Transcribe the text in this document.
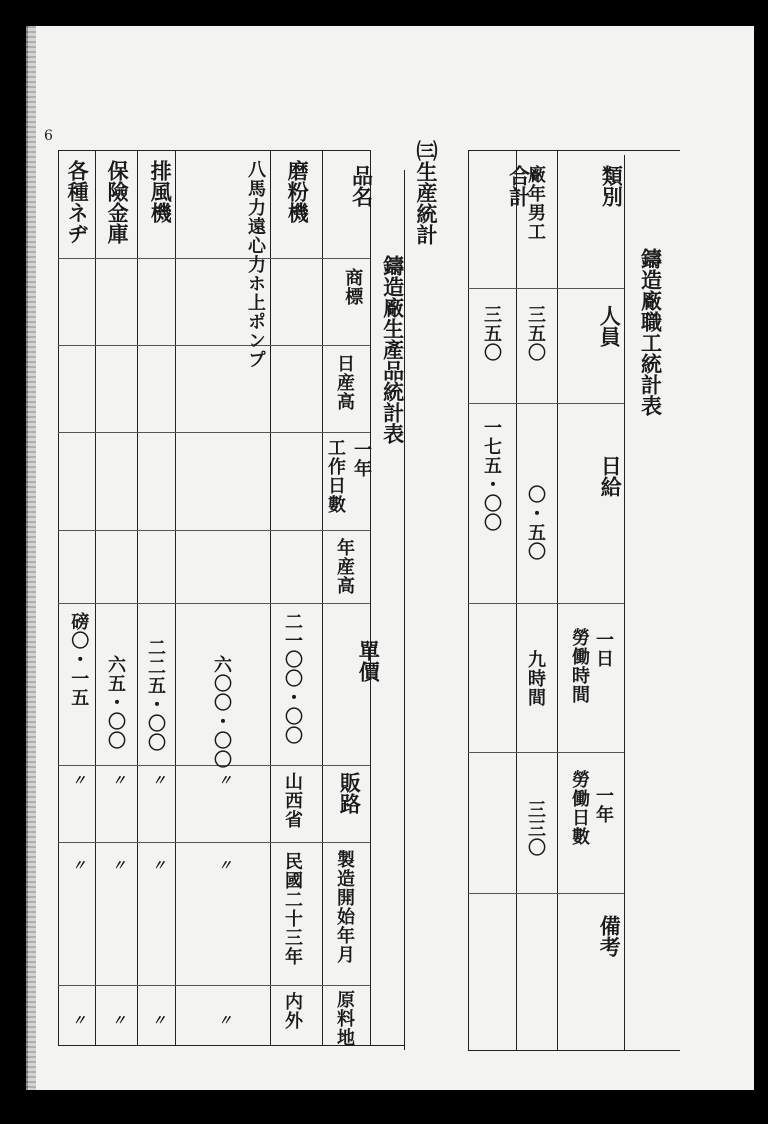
6
鑄造廠職工統計表
類別
人員
日給
一日
勞働時間
一年
勞働日數
備考
廠年男工
三五〇
〇・五〇
九時間
三三〇
合計
三五〇
一七五・〇〇
㈢生産統計
鑄造廠生產品統計表
品名
商標
日産高
一年
工作日數
年産高
單價
販路
製造開始年月
原料地
磨粉機
二一〇〇・〇〇
山西省
民國二十三年
内外
八馬力遠心力ホ上ポンプ
六〇〇・〇〇
〃
〃
〃
排風機
二二五・〇〇
〃
〃
〃
保險金庫
六五・〇〇
〃
〃
〃
各種ネヂ
磅〇・一五
〃
〃
〃
